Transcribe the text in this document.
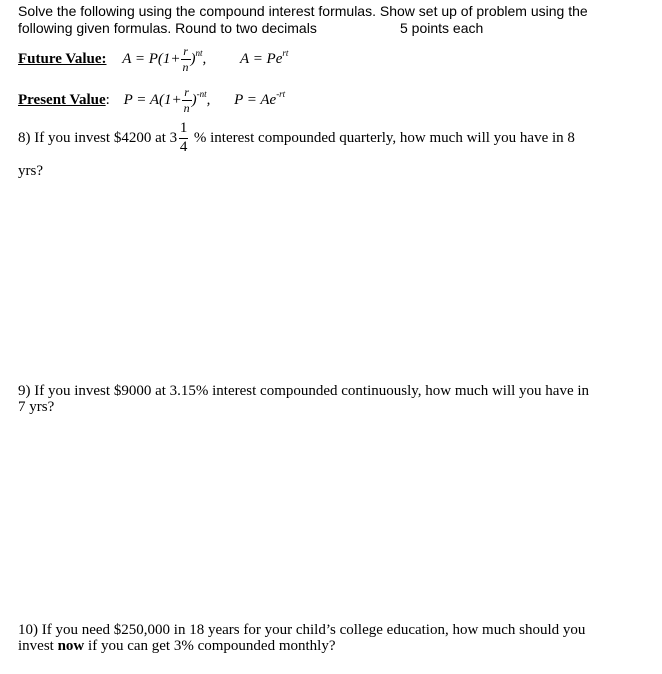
Solve the following using the compound interest formulas. Show set up of problem using the
following given formulas. Round to two decimals	5 points each
Future Value: $A = P(1+ \frac{r}{n} )^{nt}$, $A = Pe^{rt}$
Present Value: $P = A(1+ \frac{r}{n} )^{-nt}$, $P = Ae^{-rt}$
8) If you invest $4200 at $3 \frac{1}{4}$ % interest compounded quarterly, how much will you have in 8
yrs?
9) If you invest $9000 at 3.15% interest compounded continuously, how much will you have in
7 yrs?
10) If you need $250,000 in 18 years for your child’s college education, how much should you
invest now if you can get 3% compounded monthly?
